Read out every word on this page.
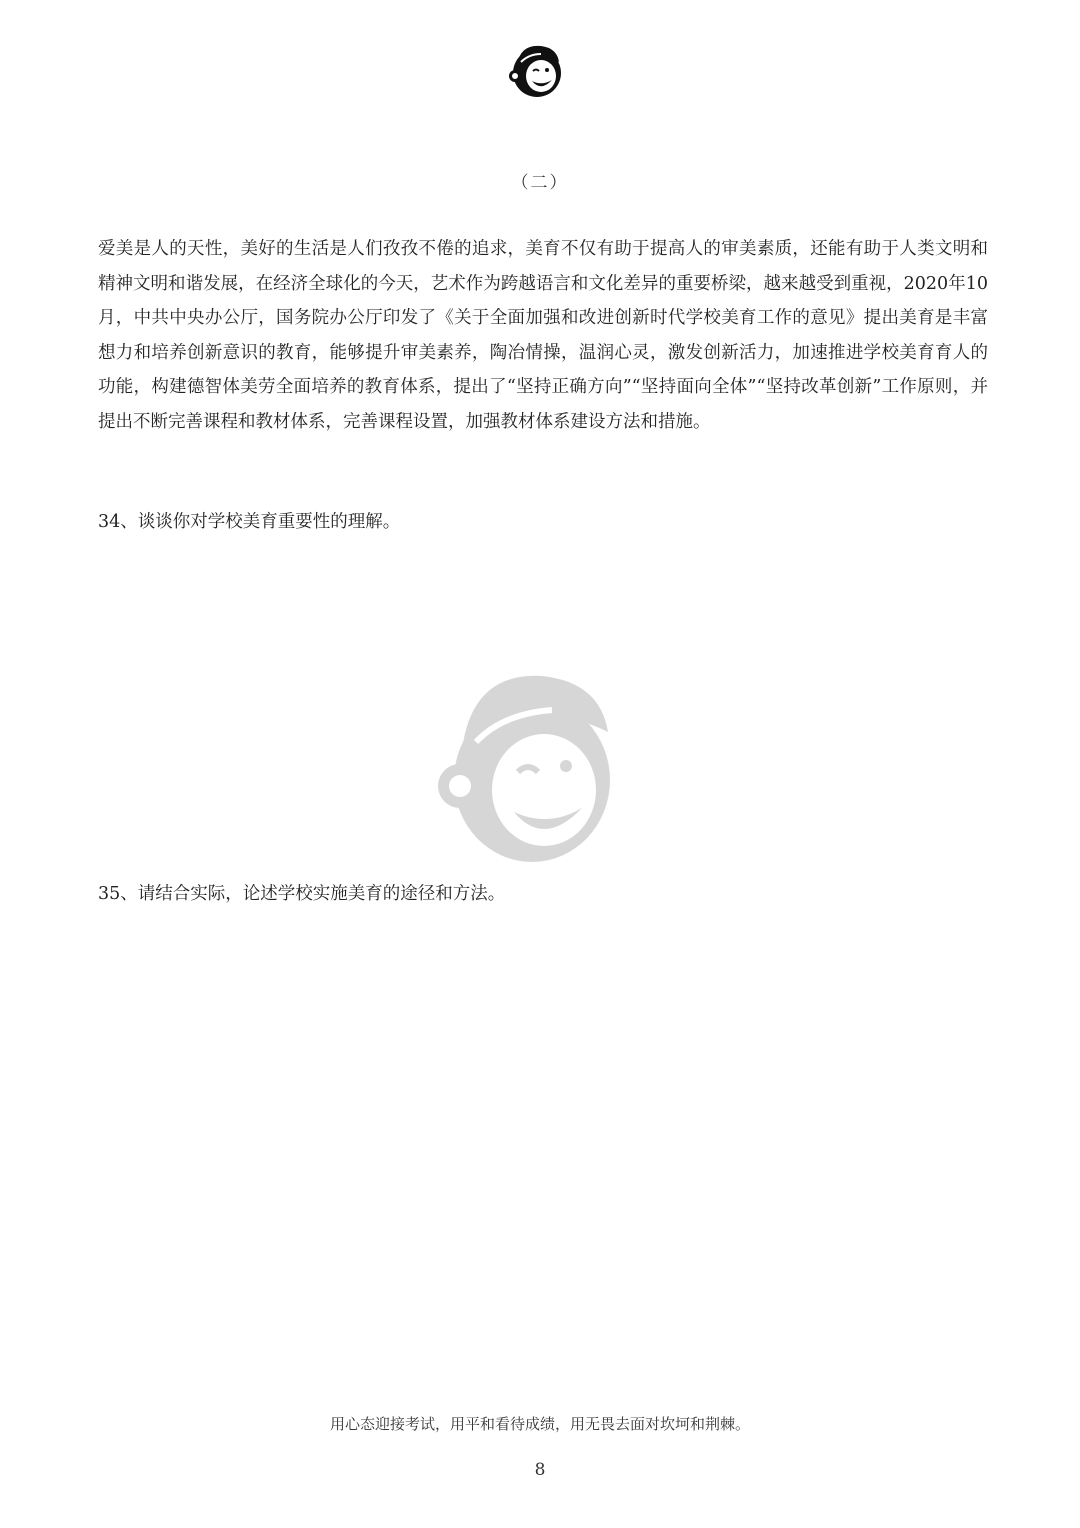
（二）

爱美是人的天性，美好的生活是人们孜孜不倦的追求，美育不仅有助于提高人的审美素质，还能有助于人类文明和精神文明和谐发展，在经济全球化的今天，艺术作为跨越语言和文化差异的重要桥梁，越来越受到重视，2020年10月，中共中央办公厅，国务院办公厅印发了《关于全面加强和改进创新时代学校美育工作的意见》提出美育是丰富想力和培养创新意识的教育，能够提升审美素养，陶冶情操，温润心灵，激发创新活力，加速推进学校美育育人的功能，构建德智体美劳全面培养的教育体系，提出了“坚持正确方向”“坚持面向全体”“坚持改革创新”工作原则，并提出不断完善课程和教材体系，完善课程设置，加强教材体系建设方法和措施。

34、谈谈你对学校美育重要性的理解。
35、请结合实际，论述学校实施美育的途径和方法。
用心态迎接考试，用平和看待成绩，用无畏去面对坎坷和荆棘。
8
